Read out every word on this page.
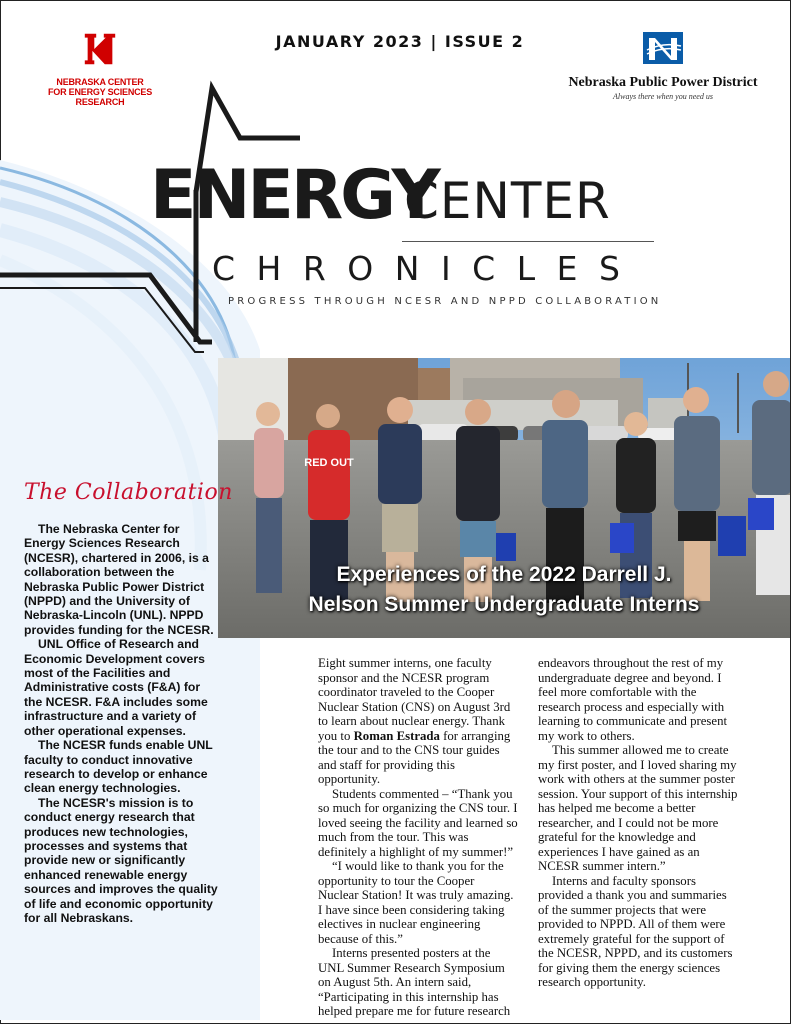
NEBRASKA CENTER
FOR ENERGY SCIENCES RESEARCH
JANUARY 2023 | ISSUE 2
Nebraska Public Power District
Always there when you need us
ENERGY
CENTER
CHRONICLES
PROGRESS THROUGH NCESR AND NPPD COLLABORATION
RED OUT
Experiences of the 2022 Darrell J.
Nelson Summer Undergraduate Interns
The Collaboration

The Nebraska Center for Energy Sciences Research (NCESR), chartered in 2006, is a collaboration between the Nebraska Public Power District (NPPD) and the University of Nebraska-Lincoln (UNL). NPPD provides funding for the NCESR.

UNL Office of Research and Economic Development covers most of the Facilities and Administrative costs (F&A) for the NCESR. F&A includes some infrastructure and a variety of other operational expenses.

The NCESR funds enable UNL faculty to conduct innovative research to develop or enhance clean energy technologies.

The NCESR's mission is to conduct energy research that produces new technologies, processes and systems that provide new or significantly enhanced renewable energy sources and improves the quality of life and economic opportunity for all Nebraskans.

Eight summer interns, one faculty sponsor and the NCESR program coordinator traveled to the Cooper Nuclear Station (CNS) on August 3rd to learn about nuclear energy. Thank you to Roman Estrada for arranging the tour and to the CNS tour guides and staff for providing this opportunity.

Students commented – “Thank you so much for organizing the CNS tour. I loved seeing the facility and learned so much from the tour. This was definitely a highlight of my summer!”

“I would like to thank you for the opportunity to tour the Cooper Nuclear Station! It was truly amazing. I have since been considering taking electives in nuclear engineering because of this.”

Interns presented posters at the UNL Summer Research Symposium on August 5th. An intern said, “Participating in this internship has helped prepare me for future research

endeavors throughout the rest of my undergraduate degree and beyond. I feel more comfortable with the research process and especially with learning to communicate and present my work to others.

This summer allowed me to create my first poster, and I loved sharing my work with others at the summer poster session. Your support of this internship has helped me become a better researcher, and I could not be more grateful for the knowledge and experiences I have gained as an NCESR summer intern.”

Interns and faculty sponsors provided a thank you and summaries of the summer projects that were provided to NPPD. All of them were extremely grateful for the support of the NCESR, NPPD, and its customers for giving them the energy sciences research opportunity.
